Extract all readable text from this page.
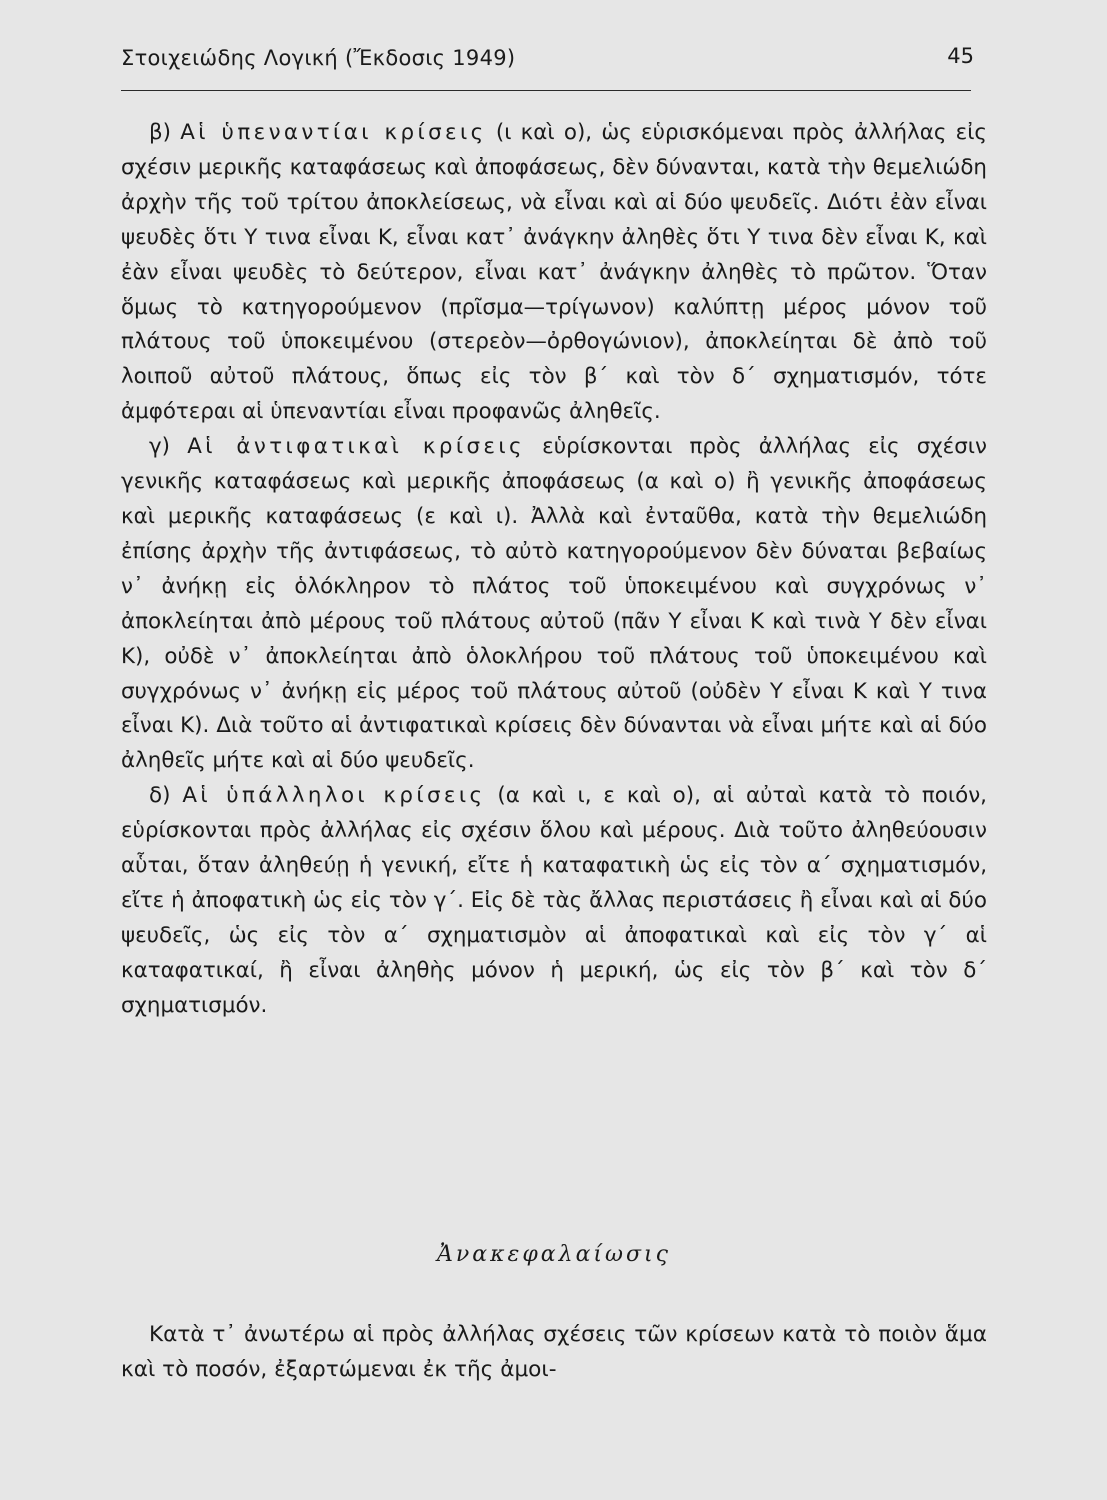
Στοιχειώδης Λογική (Ἔκδοσις 1949)	45

β) Αἱ ὑπεναντίαι κρίσεις (ι καὶ ο), ὡς εὑρισκόμεναι πρὸς ἀλλήλας εἰς σχέσιν μερικῆς καταφάσεως καὶ ἀποφάσεως, δὲν δύνανται, κατὰ τὴν θεμελιώδη ἀρχὴν τῆς τοῦ τρίτου ἀποκλείσεως, νὰ εἶναι καὶ αἱ δύο ψευδεῖς. Διότι ἐὰν εἶναι ψευδὲς ὅτι Υ τινα εἶναι Κ, εἶναι κατ᾿ ἀνάγκην ἀληθὲς ὅτι Υ τινα δὲν εἶναι Κ, καὶ ἐὰν εἶναι ψευδὲς τὸ δεύτερον, εἶναι κατ᾿ ἀνάγκην ἀληθὲς τὸ πρῶτον. Ὅταν ὅμως τὸ κατηγορούμενον (πρῖσμα—τρίγωνον) καλύπτῃ μέρος μόνον τοῦ πλάτους τοῦ ὑποκειμένου (στερεὸν—ὀρθογώνιον), ἀποκλείηται δὲ ἀπὸ τοῦ λοιποῦ αὐτοῦ πλάτους, ὅπως εἰς τὸν β΄ καὶ τὸν δ΄ σχηματισμόν, τότε ἀμφότεραι αἱ ὑπεναντίαι εἶναι προφανῶς ἀληθεῖς.

γ) Αἱ ἀντιφατικαὶ κρίσεις εὑρίσκονται πρὸς ἀλλήλας εἰς σχέσιν γενικῆς καταφάσεως καὶ μερικῆς ἀποφάσεως (α καὶ ο) ἢ γενικῆς ἀποφάσεως καὶ μερικῆς καταφάσεως (ε καὶ ι). Ἀλλὰ καὶ ἐνταῦθα, κατὰ τὴν θεμελιώδη ἐπίσης ἀρχὴν τῆς ἀντιφάσεως, τὸ αὐτὸ κατηγορούμενον δὲν δύναται βεβαίως ν᾿ ἀνήκῃ εἰς ὁλόκληρον τὸ πλάτος τοῦ ὑποκειμένου καὶ συγχρόνως ν᾿ ἀποκλείηται ἀπὸ μέρους τοῦ πλάτους αὐτοῦ (πᾶν Υ εἶναι Κ καὶ τινὰ Υ δὲν εἶναι Κ), οὐδὲ ν᾿ ἀποκλείηται ἀπὸ ὁλοκλήρου τοῦ πλάτους τοῦ ὑποκειμένου καὶ συγχρόνως ν᾿ ἀνήκῃ εἰς μέρος τοῦ πλάτους αὐτοῦ (οὐδὲν Υ εἶναι Κ καὶ Υ τινα εἶναι Κ). Διὰ τοῦτο αἱ ἀντιφατικαὶ κρίσεις δὲν δύνανται νὰ εἶναι μήτε καὶ αἱ δύο ἀληθεῖς μήτε καὶ αἱ δύο ψευδεῖς.

δ) Αἱ ὑπάλληλοι κρίσεις (α καὶ ι, ε καὶ ο), αἱ αὐταὶ κατὰ τὸ ποιόν, εὑρίσκονται πρὸς ἀλλήλας εἰς σχέσιν ὅλου καὶ μέρους. Διὰ τοῦτο ἀληθεύουσιν αὗται, ὅταν ἀληθεύῃ ἡ γενική, εἴτε ἡ καταφατικὴ ὡς εἰς τὸν α΄ σχηματισμόν, εἴτε ἡ ἀποφατικὴ ὡς εἰς τὸν γ΄. Εἰς δὲ τὰς ἄλλας περιστάσεις ἢ εἶναι καὶ αἱ δύο ψευδεῖς, ὡς εἰς τὸν α΄ σχηματισμὸν αἱ ἀποφατικαὶ καὶ εἰς τὸν γ΄ αἱ καταφατικαί, ἢ εἶναι ἀληθὴς μόνον ἡ μερική, ὡς εἰς τὸν β΄ καὶ τὸν δ΄ σχηματισμόν.

Ἀνακεφαλαίωσις

Κατὰ τ᾿ ἀνωτέρω αἱ πρὸς ἀλλήλας σχέσεις τῶν κρίσεων κατὰ τὸ ποιὸν ἅμα καὶ τὸ ποσόν, ἐξαρτώμεναι ἐκ τῆς ἀμοι-
